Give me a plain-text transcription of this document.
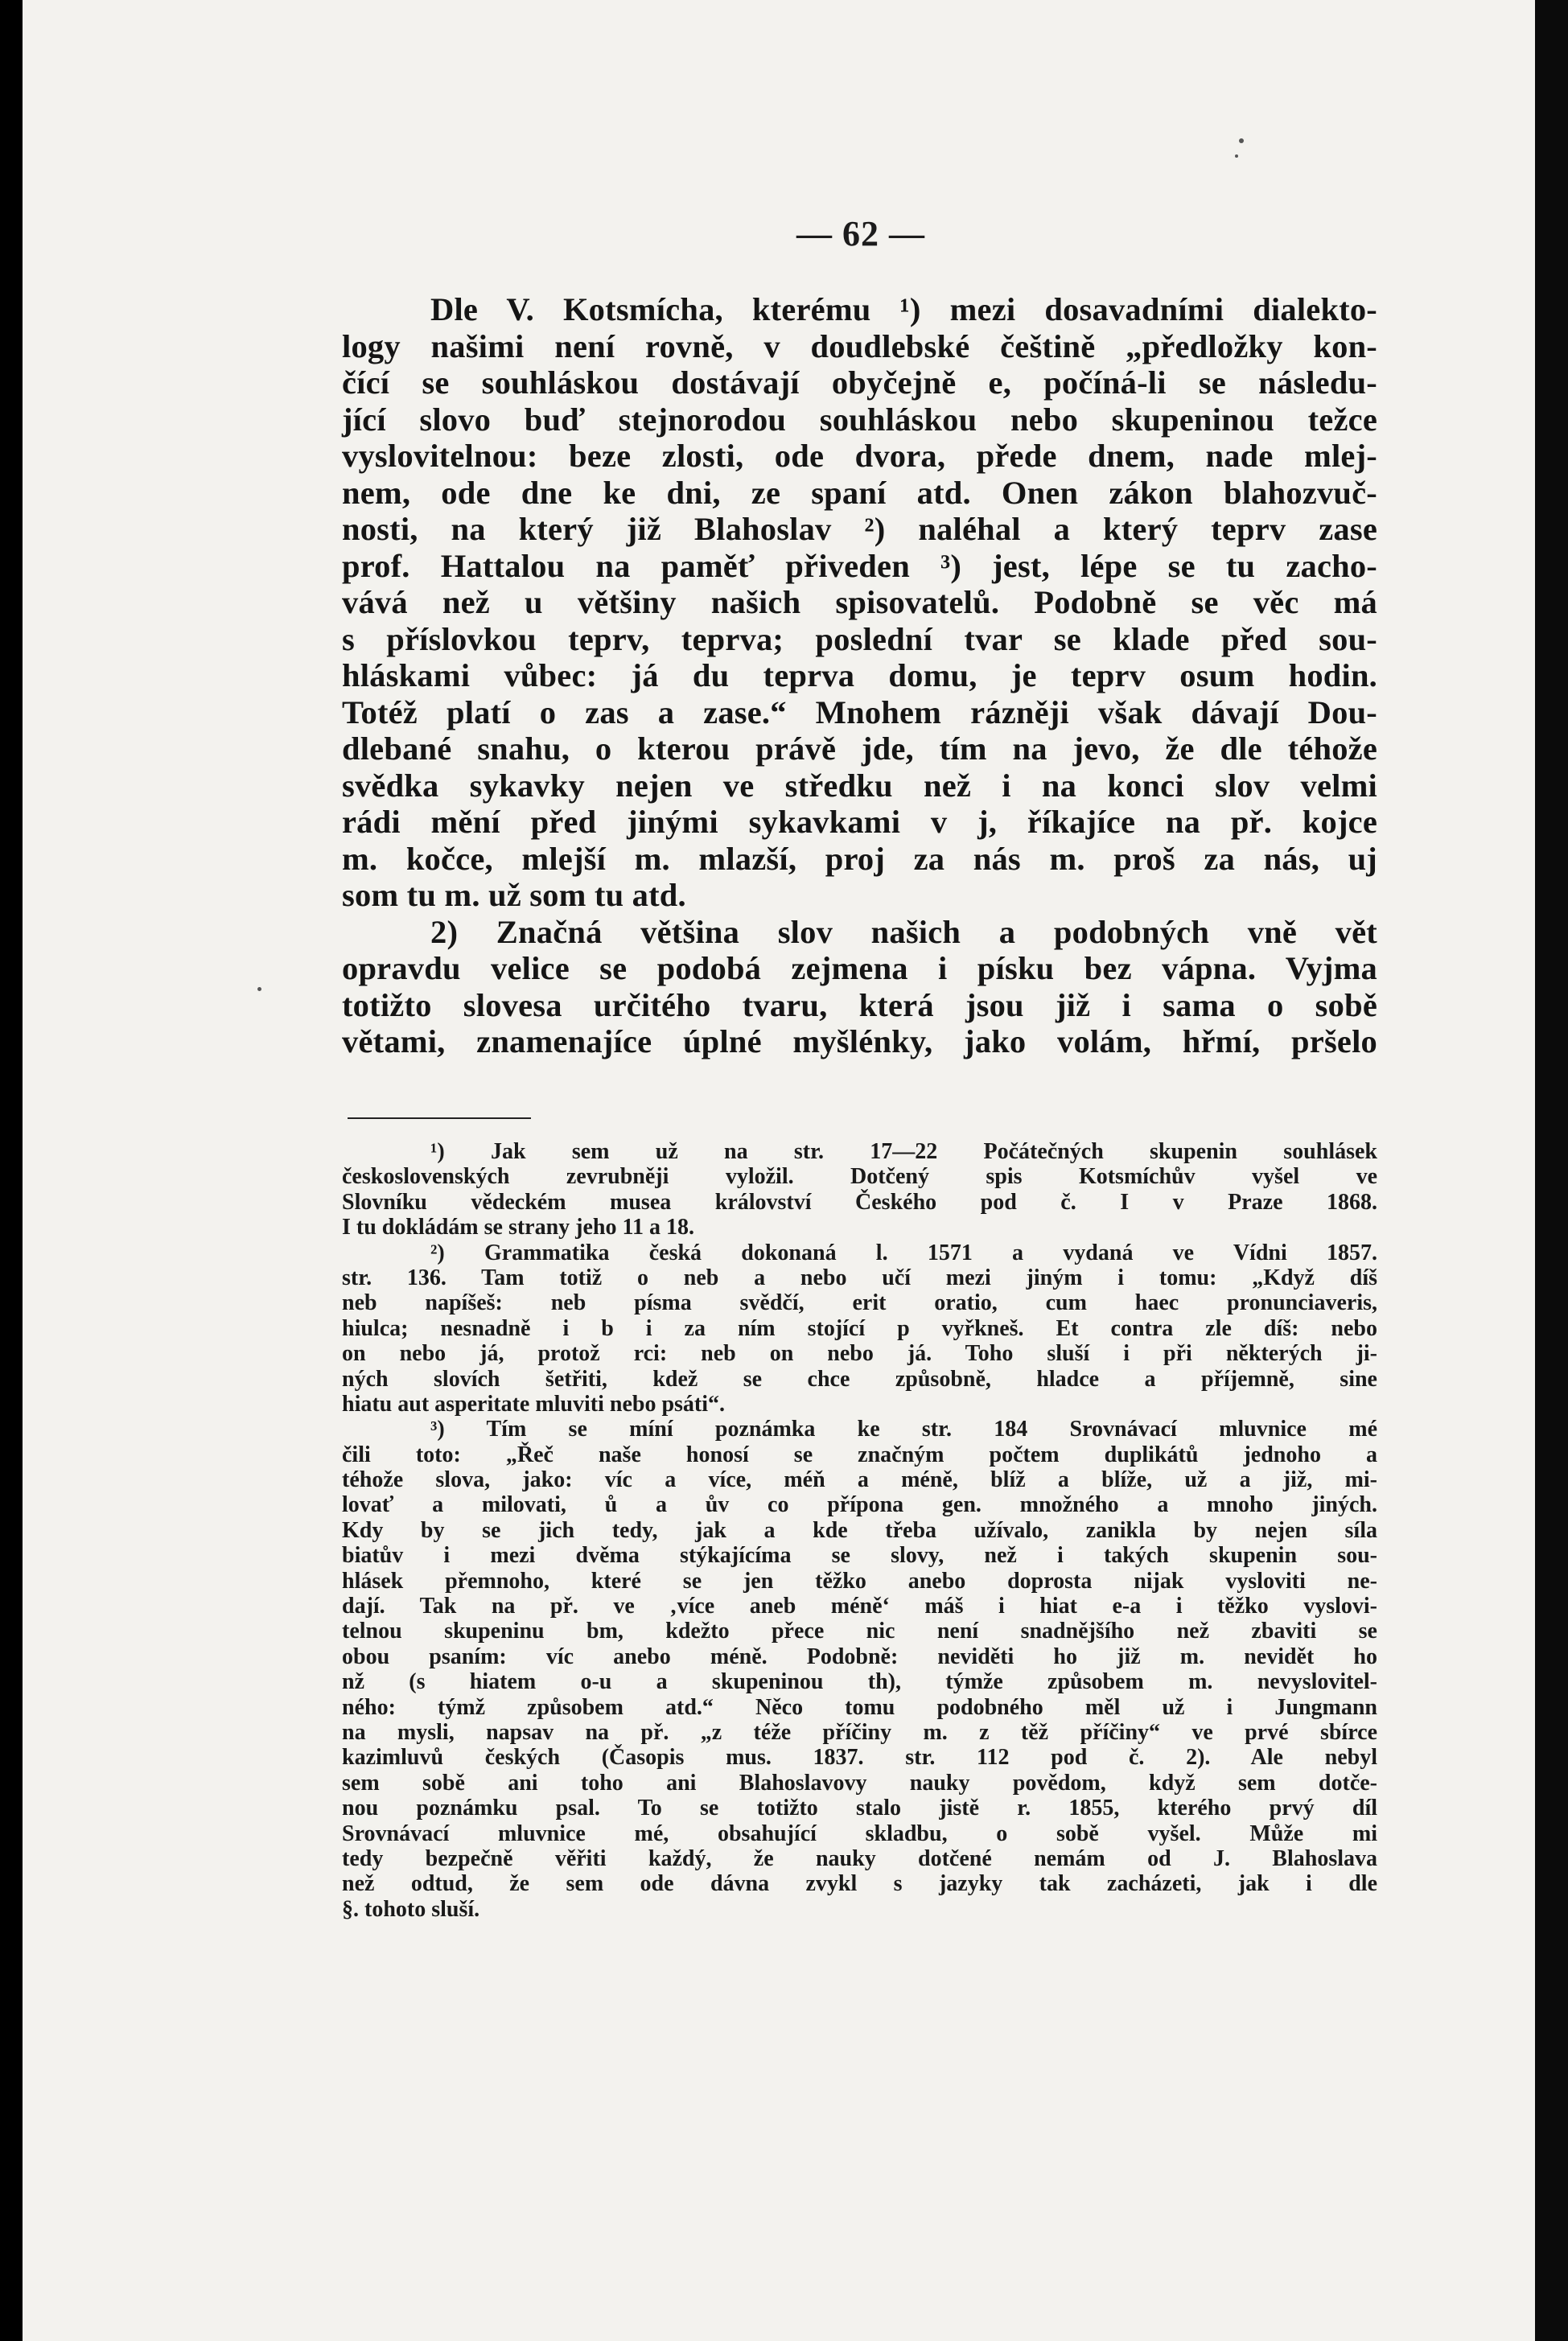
— 62 —
Dle V. Kotsmícha, kterému ¹) mezi dosavadními dialekto-
logy našimi není rovně, v doudlebské češtině „předložky kon-
čící se souhláskou dostávají obyčejně e, počíná-li se následu-
jící slovo buď stejnorodou souhláskou nebo skupeninou težce
vyslovitelnou: beze zlosti, ode dvora, přede dnem, nade mlej-
nem, ode dne ke dni, ze spaní atd. Onen zákon blahozvuč-
nosti, na který již Blahoslav ²) naléhal a který teprv zase
prof. Hattalou na paměť přiveden ³) jest, lépe se tu zacho-
vává než u většiny našich spisovatelů. Podobně se věc má
s příslovkou teprv, teprva; poslední tvar se klade před sou-
hláskami vůbec: já du teprva domu, je teprv osum hodin.
Totéž platí o zas a zase.“ Mnohem rázněji však dávají Dou-
dlebané snahu, o kterou právě jde, tím na jevo, že dle téhože
svědka sykavky nejen ve středku než i na konci slov velmi
rádi mění před jinými sykavkami v j, říkajíce na př. kojce
m. kočce, mlejší m. mlazší, proj za nás m. proš za nás, uj
som tu m. už som tu atd.
2) Značná většina slov našich a podobných vně vět
opravdu velice se podobá zejmena i písku bez vápna. Vyjma
totižto slovesa určitého tvaru, která jsou již i sama o sobě
větami, znamenajíce úplné myšlénky, jako volám, hřmí, pršelo
¹) Jak sem už na str. 17—22 Počátečných skupenin souhlásek
československých zevrubněji vyložil. Dotčený spis Kotsmíchův vyšel ve
Slovníku vědeckém musea království Českého pod č. I v Praze 1868.
I tu dokládám se strany jeho 11 a 18.
²) Grammatika česká dokonaná l. 1571 a vydaná ve Vídni 1857.
str. 136. Tam totiž o neb a nebo učí mezi jiným i tomu: „Když díš
neb napíšeš: neb písma svědčí, erit oratio, cum haec pronunciaveris,
hiulca; nesnadně i b i za ním stojící p vyřkneš. Et contra zle díš: nebo
on nebo já, protož rci: neb on nebo já. Toho sluší i při některých ji-
ných slovích šetřiti, kdež se chce způsobně, hladce a příjemně, sine
hiatu aut asperitate mluviti nebo psáti“.
³) Tím se míní poznámka ke str. 184 Srovnávací mluvnice mé
čili toto: „Řeč naše honosí se značným počtem duplikátů jednoho a
téhože slova, jako: víc a více, méň a méně, blíž a blíže, už a již, mi-
lovať a milovati, ů a ův co přípona gen. množného a mnoho jiných.
Kdy by se jich tedy, jak a kde třeba užívalo, zanikla by nejen síla
biatův i mezi dvěma stýkajícíma se slovy, než i takých skupenin sou-
hlásek přemnoho, které se jen těžko anebo doprosta nijak vysloviti ne-
dají. Tak na př. ve ‚více aneb méně‘ máš i hiat e-a i těžko vyslovi-
telnou skupeninu bm, kdežto přece nic není snadnějšího než zbaviti se
obou psaním: víc anebo méně. Podobně: neviděti ho již m. nevidět ho
nž (s hiatem o-u a skupeninou th), týmže způsobem m. nevyslovitel-
ného: týmž způsobem atd.“ Něco tomu podobného měl už i Jungmann
na mysli, napsav na př. „z téže příčiny m. z těž příčiny“ ve prvé sbírce
kazimluvů českých (Časopis mus. 1837. str. 112 pod č. 2). Ale nebyl
sem sobě ani toho ani Blahoslavovy nauky povědom, když sem dotče-
nou poznámku psal. To se totižto stalo jistě r. 1855, kterého prvý díl
Srovnávací mluvnice mé, obsahující skladbu, o sobě vyšel. Může mi
tedy bezpečně věřiti každý, že nauky dotčené nemám od J. Blahoslava
než odtud, že sem ode dávna zvykl s jazyky tak zacházeti, jak i dle
§. tohoto sluší.
